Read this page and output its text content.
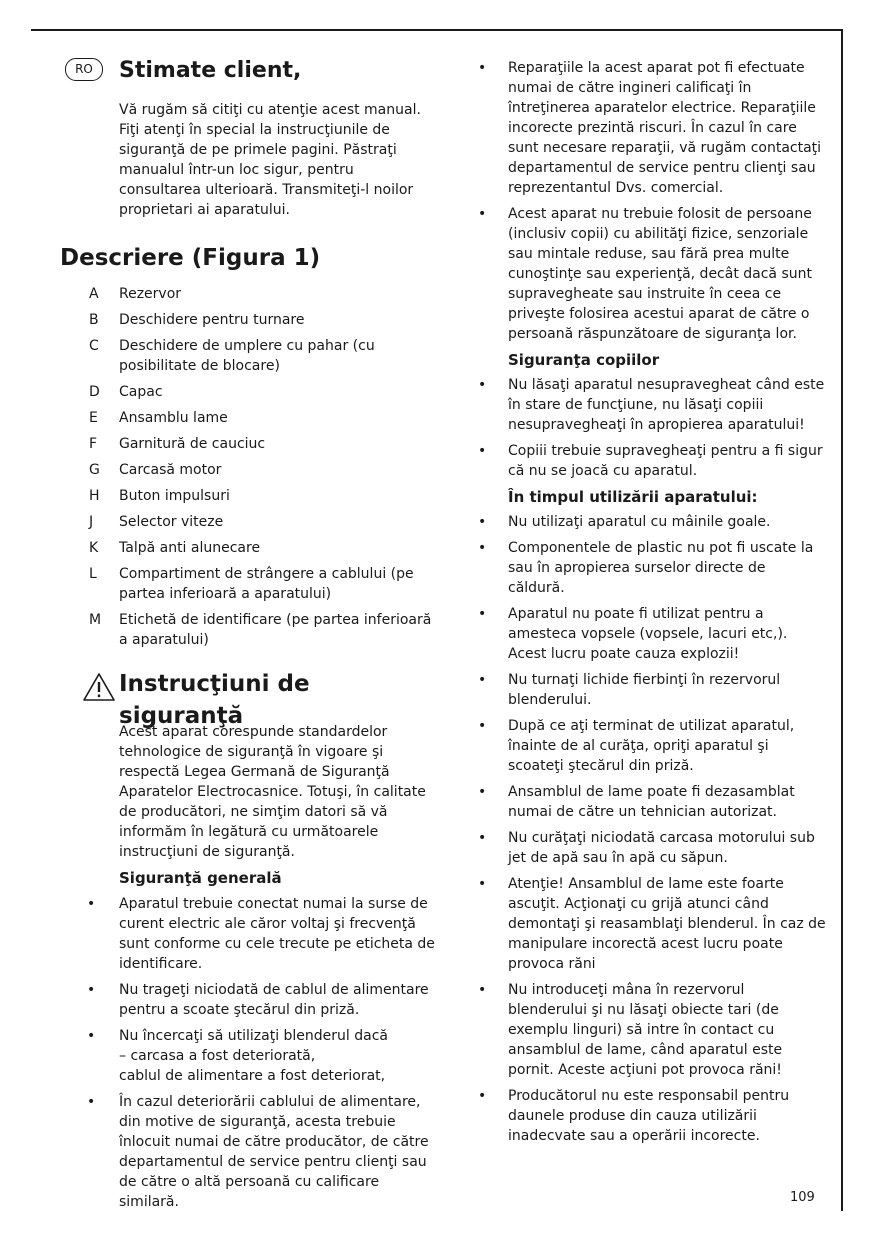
RO	Stimate client,
Vă rugăm să citiţi cu atenţie acest manual. Fiţi atenţi în special la instrucţiunile de siguranţă de pe primele pagini. Păstraţi manualul într-un loc sigur, pentru consultarea ulterioară. Transmiteţi-l noilor proprietari ai aparatului.
Descriere (Figura 1)
A	Rezervor
B	Deschidere pentru turnare
C	Deschidere de umplere cu pahar (cu posibilitate de blocare)
D	Capac
E	Ansamblu lame
F	Garnitură de cauciuc
G	Carcasă motor
H	Buton impulsuri
J	Selector viteze
K	Talpă anti alunecare
L	Compartiment de strângere a cablului (pe partea inferioară a aparatului)
M	Etichetă de identificare (pe partea inferioară a aparatului)
Instrucţiuni de siguranţă
Acest aparat corespunde standardelor tehnologice de siguranţă în vigoare şi respectă Legea Germană de Siguranţă Aparatelor Electrocasnice. Totuşi, în calitate de producători, ne simţim datori să vă informăm în legătură cu următoarele instrucţiuni de siguranţă.
Siguranţă generală
•	Aparatul trebuie conectat numai la surse de curent electric ale căror voltaj şi frecvenţă sunt conforme cu cele trecute pe eticheta de identificare.
•	Nu trageţi niciodată de cablul de alimentare pentru a scoate ştecărul din priză.
•	Nu încercaţi să utilizaţi blenderul dacă
– carcasa a fost deteriorată,
cablul de alimentare a fost deteriorat,
•	În cazul deteriorării cablului de alimentare, din motive de siguranţă, acesta trebuie înlocuit numai de către producător, de către departamentul de service pentru clienţi sau de către o altă persoană cu calificare similară.
•	Reparaţiile la acest aparat pot fi efectuate numai de către ingineri calificaţi în întreţinerea aparatelor electrice. Reparaţiile incorecte prezintă riscuri. În cazul în care sunt necesare reparaţii, vă rugăm contactaţi departamentul de service pentru clienţi sau reprezentantul Dvs. comercial.
•	Acest aparat nu trebuie folosit de persoane (inclusiv copii) cu abilităţi fizice, senzoriale sau mintale reduse, sau fără prea multe cunoştinţe sau experienţă, decât dacă sunt supravegheate sau instruite în ceea ce priveşte folosirea acestui aparat de către o persoană răspunzătoare de siguranţa lor.
Siguranţa copiilor
•	Nu lăsaţi aparatul nesupravegheat când este în stare de funcţiune, nu lăsaţi copiii nesupravegheaţi în apropierea aparatului!
•	Copiii trebuie supravegheaţi pentru a fi sigur că nu se joacă cu aparatul.
În timpul utilizării aparatului:
•	Nu utilizaţi aparatul cu mâinile goale.
•	Componentele de plastic nu pot fi uscate la sau în apropierea surselor directe de căldură.
•	Aparatul nu poate fi utilizat pentru a amesteca vopsele (vopsele, lacuri etc,). Acest lucru poate cauza explozii!
•	Nu turnaţi lichide fierbinţi în rezervorul blenderului.
•	După ce aţi terminat de utilizat aparatul, înainte de al curăţa, opriţi aparatul şi scoateţi ştecărul din priză.
•	Ansamblul de lame poate fi dezasamblat numai de către un tehnician autorizat.
•	Nu curăţaţi niciodată carcasa motorului sub jet de apă sau în apă cu săpun.
•	Atenţie! Ansamblul de lame este foarte ascuţit. Acţionaţi cu grijă atunci când demontaţi şi reasamblaţi blenderul. În caz de manipulare incorectă acest lucru poate provoca răni
•	Nu introduceţi mâna în rezervorul blenderului şi nu lăsaţi obiecte tari (de exemplu linguri) să intre în contact cu ansamblul de lame, când aparatul este pornit. Aceste acţiuni pot provoca răni!
•	Producătorul nu este responsabil pentru daunele produse din cauza utilizării inadecvate sau a operării incorecte.
109
